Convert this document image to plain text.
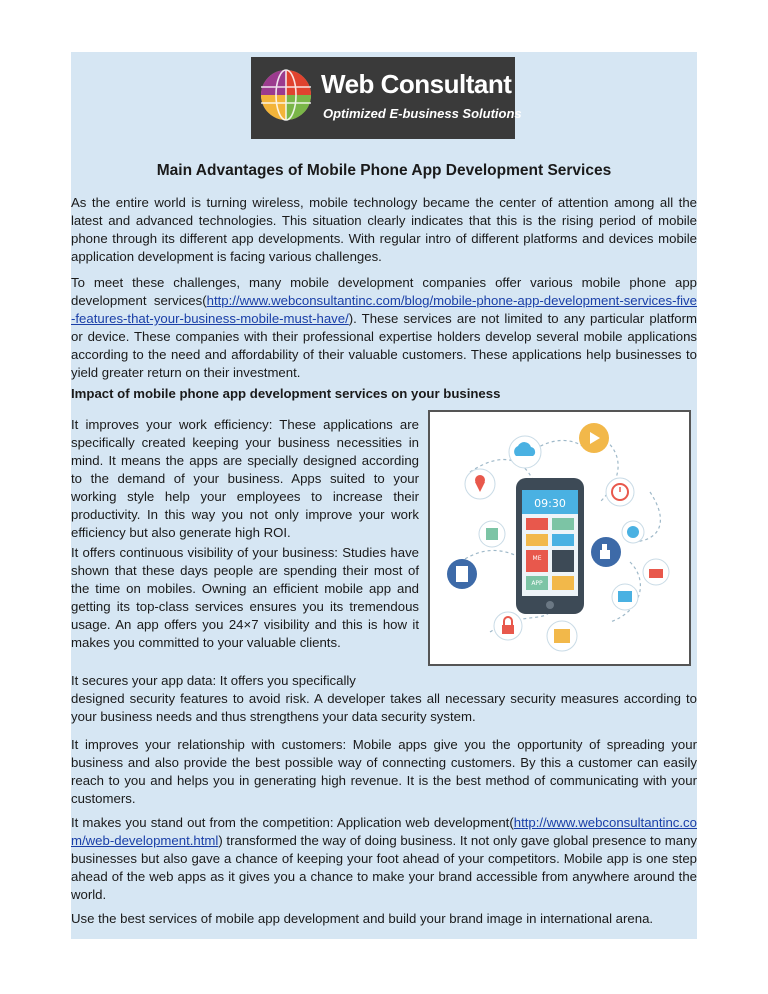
Web Consultant
Optimized E-business Solutions
Main Advantages of Mobile Phone App Development Services

As the entire world is turning wireless, mobile technology became the center of attention among all the latest and advanced technologies. This situation clearly indicates that this is the rising period of mobile phone through its different app developments. With regular intro of different platforms and devices mobile application development is facing various challenges.

To meet these challenges, many mobile development companies offer various mobile phone app development services(http://www.webconsultantinc.com/blog/mobile-phone-app-development-services-five-features-that-your-business-mobile-must-have/). These services are not limited to any particular platform or device. These companies with their professional expertise holders develop several mobile applications according to the need and affordability of their valuable customers. These applications help businesses to yield greater return on their investment.

Impact of mobile phone app development services on your business

It improves your work efficiency: These applications are specifically created keeping your business necessities in mind. It means the apps are specially designed according to the demand of your business. Apps suited to your working style help your employees to increase their productivity. In this way you not only improve your work efficiency but also generate high ROI.

It offers continuous visibility of your business: Studies have shown that these days people are spending their most of the time on mobiles. Owning an efficient mobile app and getting its top-class services ensures you its tremendous usage. An app offers you 24×7 visibility and this is how it makes you committed to your valuable clients.

It secures your app data: It offers you specifically

designed security features to avoid risk. A developer takes all necessary security measures according to your business needs and thus strengthens your data security system.

It improves your relationship with customers: Mobile apps give you the opportunity of spreading your business and also provide the best possible way of connecting customers. By this a customer can easily reach to you and helps you in generating high revenue. It is the best method of communicating with your customers.

It makes you stand out from the competition: Application web development(http://www.webconsultantinc.com/web-development.html) transformed the way of doing business. It not only gave global presence to many businesses but also gave a chance of keeping your foot ahead of your competitors. Mobile app is one step ahead of the web apps as it gives you a chance to make your brand accessible from anywhere around the world.

Use the best services of mobile app development and build your brand image in international arena.

09:30
ME
APP
